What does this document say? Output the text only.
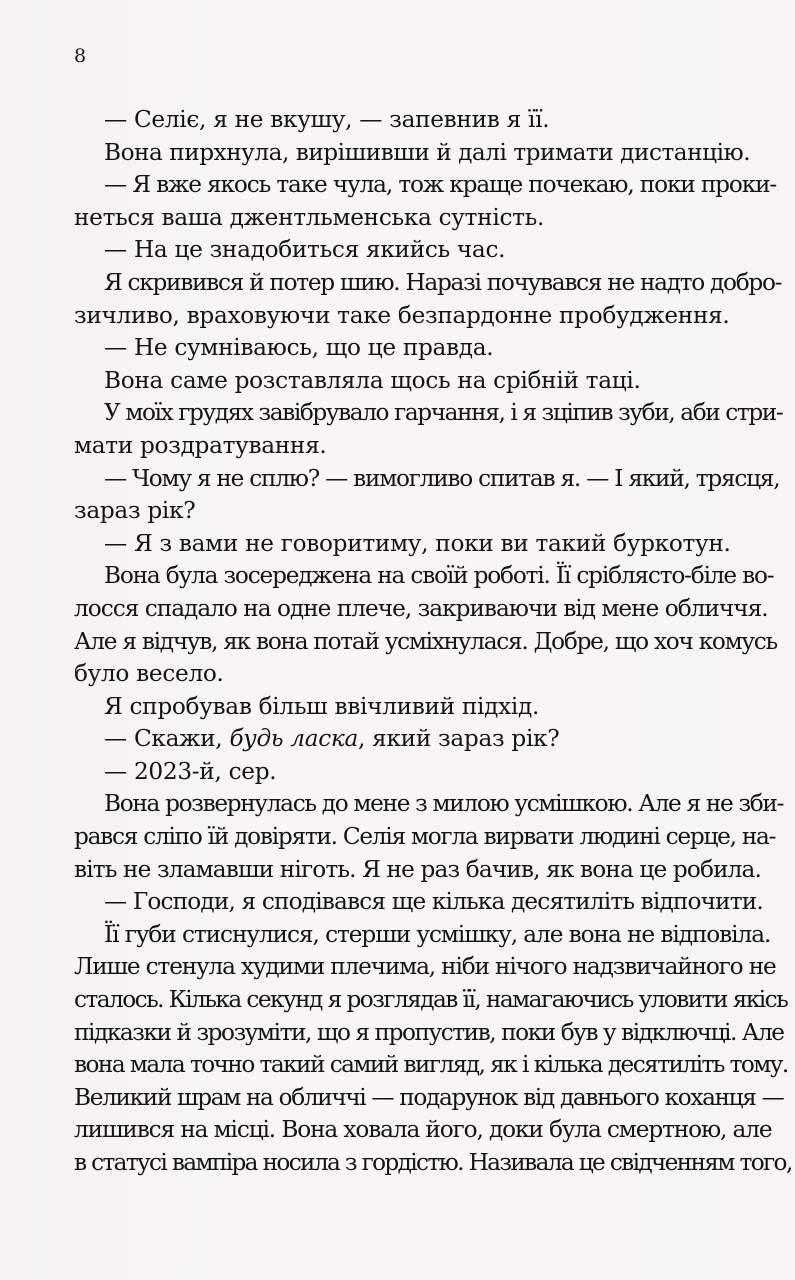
8
— Селіє, я не вкушу, — запевнив я її.
Вона пирхнула, вирішивши й далі тримати дистанцію.
— Я вже якось таке чула, тож краще почекаю, поки проки-
неться ваша джентльменська сутність.
— На це знадобиться якийсь час.
Я скривився й потер шию. Наразі почувався не надто добро-
зичливо, враховуючи таке безпардонне пробудження.
— Не сумніваюсь, що це правда.
Вона саме розставляла щось на срібній таці.
У моїх грудях завібрувало гарчання, і я зціпив зуби, аби стри-
мати роздратування.
— Чому я не сплю? — вимогливо спитав я. — І який, трясця,
зараз рік?
— Я з вами не говоритиму, поки ви такий буркотун.
Вона була зосереджена на своїй роботі. Її сріблясто-біле во-
лосся спадало на одне плече, закриваючи від мене обличчя.
Але я відчув, як вона потай усміхнулася. Добре, що хоч комусь
було весело.
Я спробував більш ввічливий підхід.
— Скажи, будь ласка, який зараз рік?
— 2023-й, сер.
Вона розвернулась до мене з милою усмішкою. Але я не зби-
рався сліпо їй довіряти. Селія могла вирвати людині серце, на-
віть не зламавши ніготь. Я не раз бачив, як вона це робила.
— Господи, я сподівався ще кілька десятиліть відпочити.
Її губи стиснулися, стерши усмішку, але вона не відповіла.
Лише стенула худими плечима, ніби нічого надзвичайного не
сталось. Кілька секунд я розглядав її, намагаючись уловити якісь
підказки й зрозуміти, що я пропустив, поки був у відключці. Але
вона мала точно такий самий вигляд, як і кілька десятиліть тому.
Великий шрам на обличчі — подарунок від давнього коханця —
лишився на місці. Вона ховала його, доки була смертною, але
в статусі вампіра носила з гордістю. Називала це свідченням того,
